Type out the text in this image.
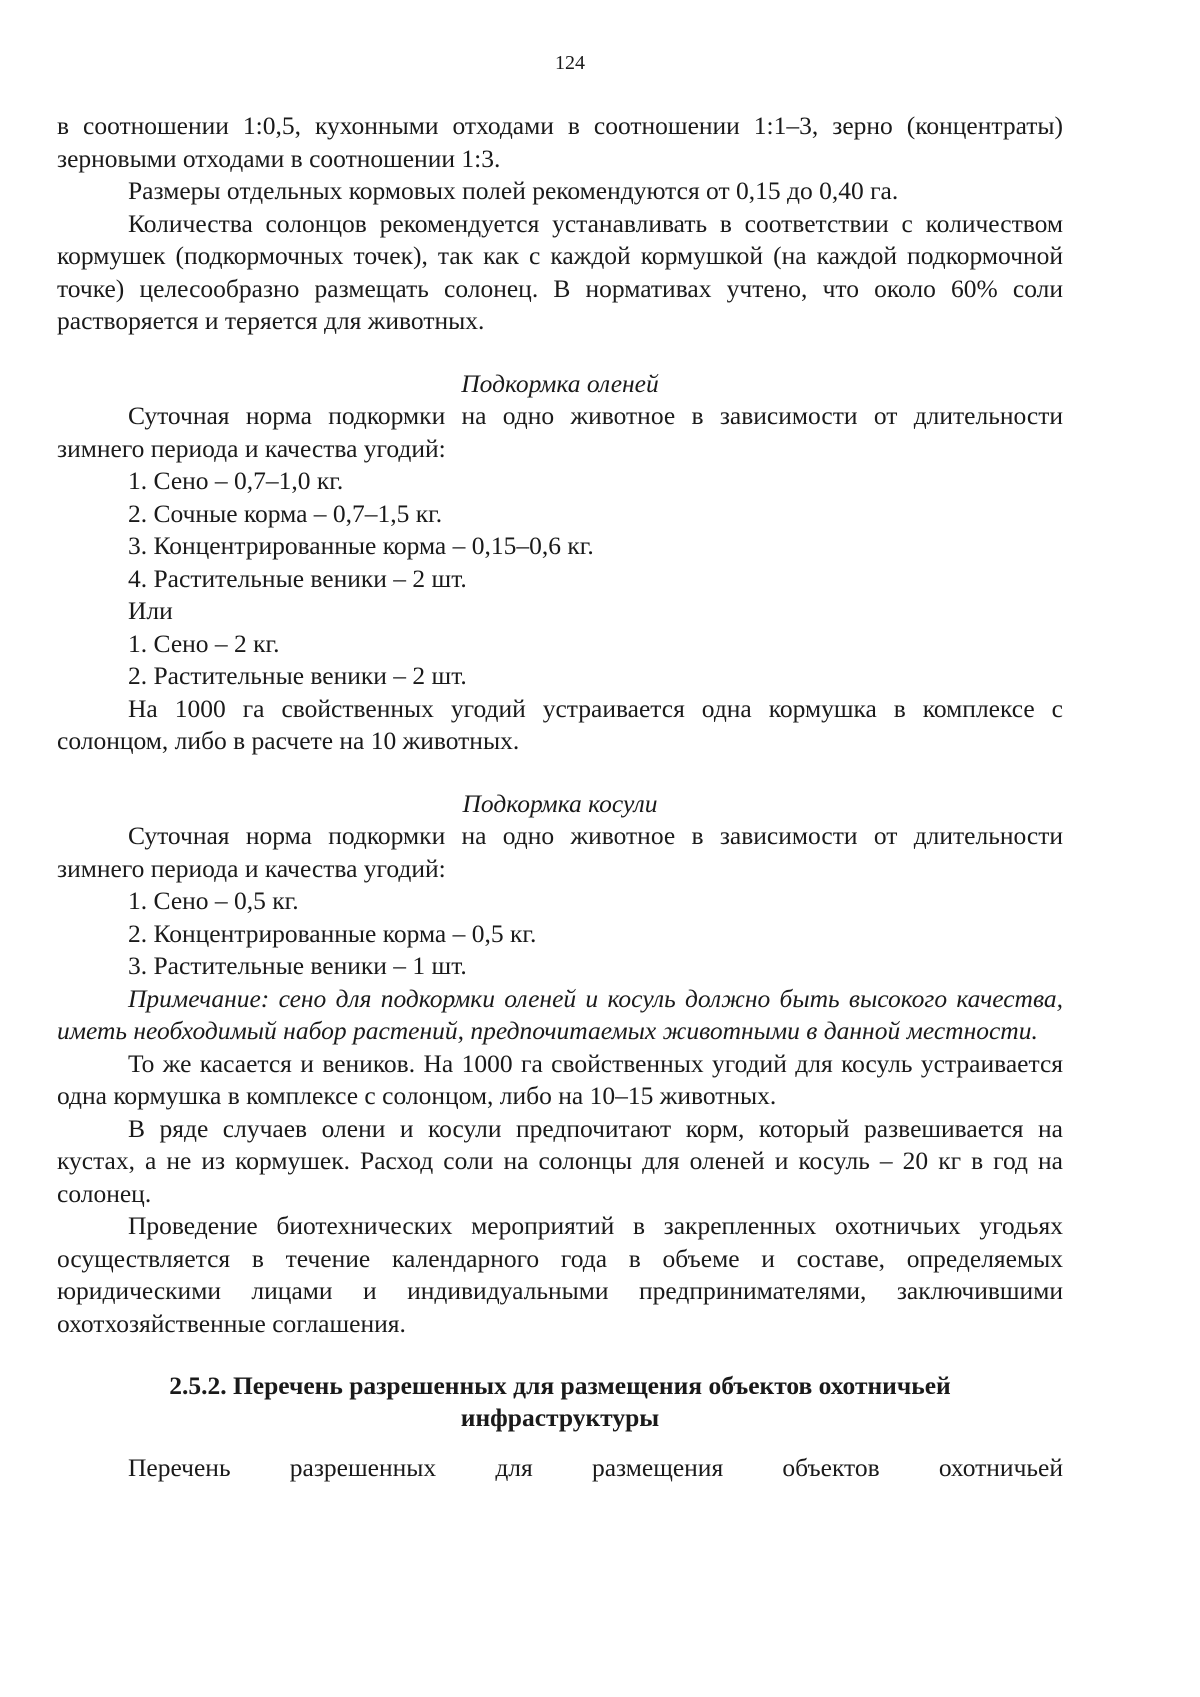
124

в соотношении 1:0,5, кухонными отходами в соотношении 1:1–3, зерно (концентраты) зерновыми отходами в соотношении 1:3.

Размеры отдельных кормовых полей рекомендуются от 0,15 до 0,40 га.

Количества солонцов рекомендуется устанавливать в соответствии с количеством кормушек (подкормочных точек), так как с каждой кормушкой (на каждой подкормочной точке) целесообразно размещать солонец. В нормативах учтено, что около 60% соли растворяется и теряется для животных.

Подкормка оленей

Суточная норма подкормки на одно животное в зависимости от длительности зимнего периода и качества угодий:

1. Сено – 0,7–1,0 кг.

2. Сочные корма – 0,7–1,5 кг.

3. Концентрированные корма – 0,15–0,6 кг.

4. Растительные веники – 2 шт.

Или

1. Сено – 2 кг.

2. Растительные веники – 2 шт.

На 1000 га свойственных угодий устраивается одна кормушка в комплексе с солонцом, либо в расчете на 10 животных.

Подкормка косули

Суточная норма подкормки на одно животное в зависимости от длительности зимнего периода и качества угодий:

1. Сено – 0,5 кг.

2. Концентрированные корма – 0,5 кг.

3. Растительные веники – 1 шт.

Примечание: сено для подкормки оленей и косуль должно быть высокого качества, иметь необходимый набор растений, предпочитаемых животными в данной местности.

То же касается и веников. На 1000 га свойственных угодий для косуль устраивается одна кормушка в комплексе с солонцом, либо на 10–15 животных.

В ряде случаев олени и косули предпочитают корм, который развешивается на кустах, а не из кормушек. Расход соли на солонцы для оленей и косуль – 20 кг в год на солонец.

Проведение биотехнических мероприятий в закрепленных охотничьих угодьях осуществляется в течение календарного года в объеме и составе, определяемых юридическими лицами и индивидуальными предпринимателями, заключившими охотхозяйственные соглашения.

2.5.2. Перечень разрешенных для размещения объектов охотничьей инфраструктуры

Перечень разрешенных для размещения объектов охотничьей
